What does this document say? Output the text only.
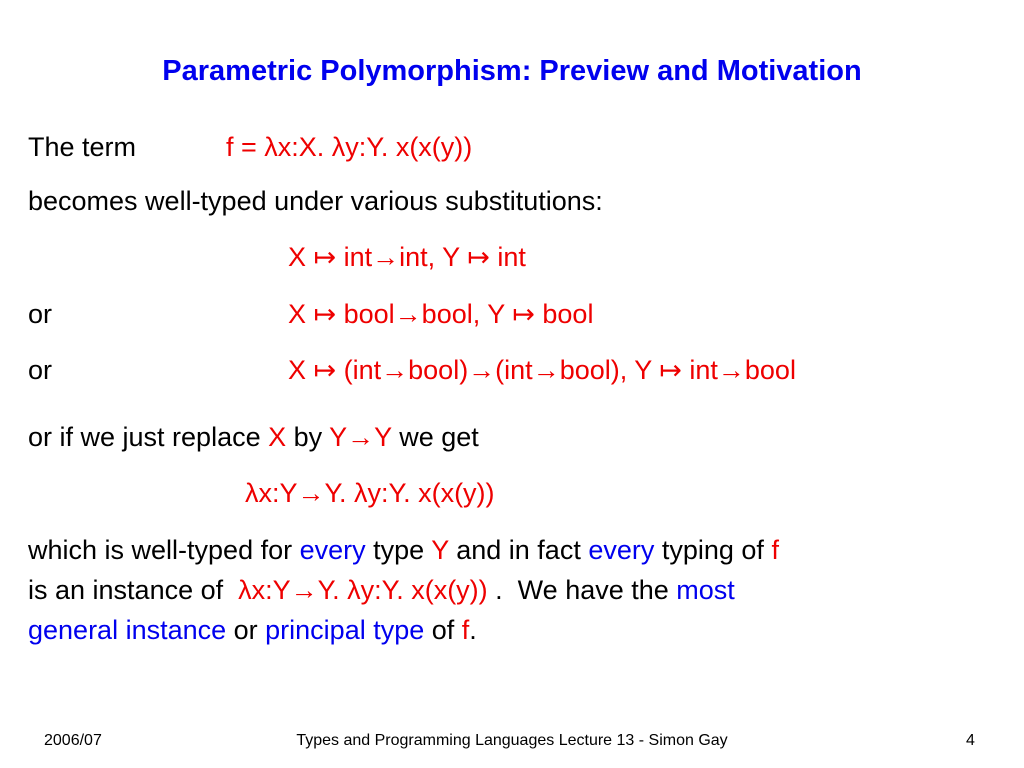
Parametric Polymorphism: Preview and Motivation
The term	f = λx:X. λy:Y. x(x(y))
becomes well-typed under various substitutions:
X ↦ int→int, Y ↦ int
or	X ↦ bool→bool, Y ↦ bool
or	X ↦ (int→bool)→(int→bool), Y ↦ int→bool
or if we just replace X by Y→Y we get
λx:Y→Y. λy:Y. x(x(y))
which is well-typed for every type Y and in fact every typing of f
is an instance of  λx:Y→Y. λy:Y. x(x(y)) .  We have the most
general instance or principal type of f.
2006/07	Types and Programming Languages Lecture 13 - Simon Gay	4
